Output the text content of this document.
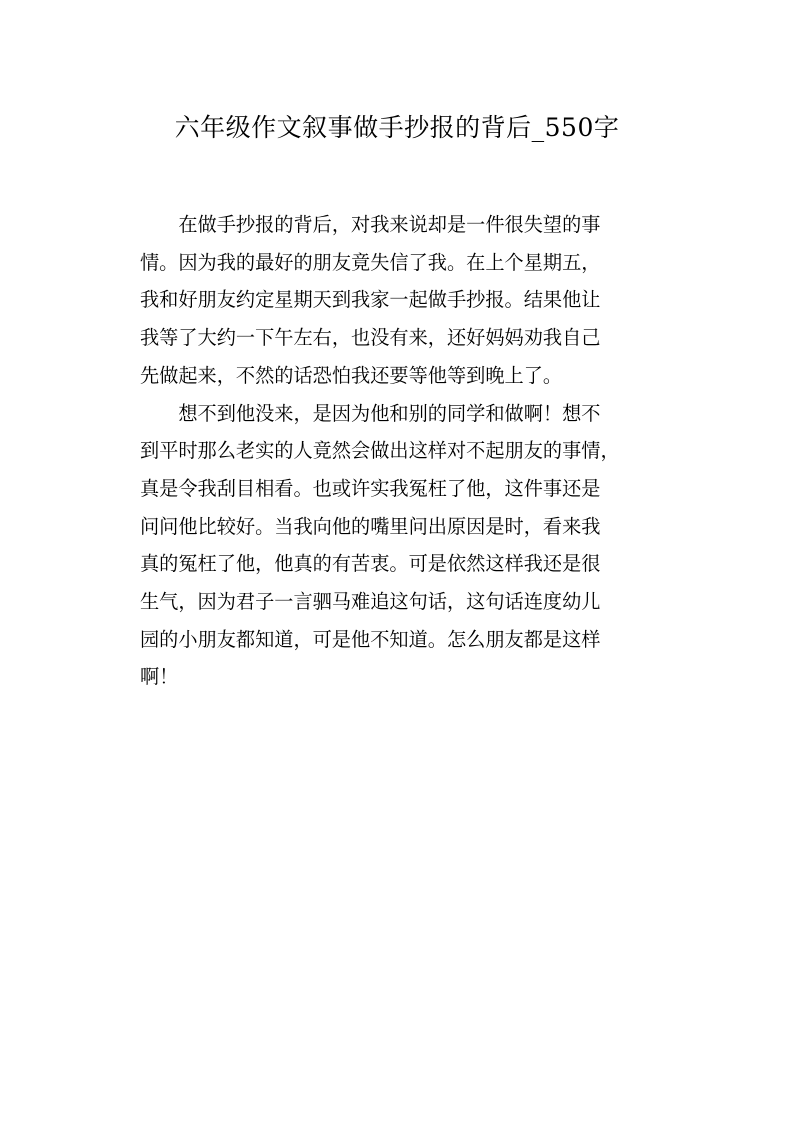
六年级作文叙事做手抄报的背后_550字

　　在做手抄报的背后，对我来说却是一件很失望的事

情。因为我的最好的朋友竟失信了我。在上个星期五，

我和好朋友约定星期天到我家一起做手抄报。结果他让

我等了大约一下午左右，也没有来，还好妈妈劝我自己

先做起来，不然的话恐怕我还要等他等到晚上了。

　　想不到他没来，是因为他和别的同学和做啊！想不

到平时那么老实的人竟然会做出这样对不起朋友的事情，

真是令我刮目相看。也或许实我冤枉了他，这件事还是

问问他比较好。当我向他的嘴里问出原因是时，看来我

真的冤枉了他，他真的有苦衷。可是依然这样我还是很

生气，因为君子一言驷马难追这句话，这句话连度幼儿

园的小朋友都知道，可是他不知道。怎么朋友都是这样

啊！
